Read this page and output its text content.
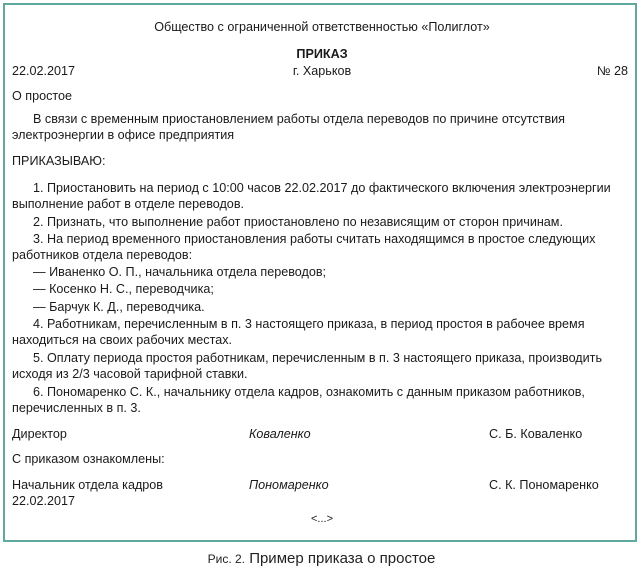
Общество с ограниченной ответственностью «Полиглот»
ПРИКАЗ
22.02.2017	г. Харьков	№ 28
О простое
В связи с временным приостановлением работы отдела переводов по причине отсутствия
электроэнергии в офисе предприятия
ПРИКАЗЫВАЮ:
1. Приостановить на период с 10:00 часов 22.02.2017 до фактического включения электроэнергии
выполнение работ в отделе переводов.
2. Признать, что выполнение работ приостановлено по независящим от сторон причинам.
3. На период временного приостановления работы считать находящимся в простое следующих
работников отдела переводов:
— Иваненко О. П., начальника отдела переводов;
— Косенко Н. С., переводчика;
— Барчук К. Д., переводчика.
4. Работникам, перечисленным в п. 3 настоящего приказа, в период простоя в рабочее время
находиться на своих рабочих местах.
5. Оплату периода простоя работникам, перечисленным в п. 3 настоящего приказа, производить
исходя из 2/3 часовой тарифной ставки.
6. Пономаренко С. К., начальнику отдела кадров, ознакомить с данным приказом работников,
перечисленных в п. 3.
Директор	Коваленко	С. Б. Коваленко
С приказом ознакомлены:
Начальник отдела кадров	Пономаренко	С. К. Пономаренко
22.02.2017
<...>
Рис. 2. Пример приказа о простое
